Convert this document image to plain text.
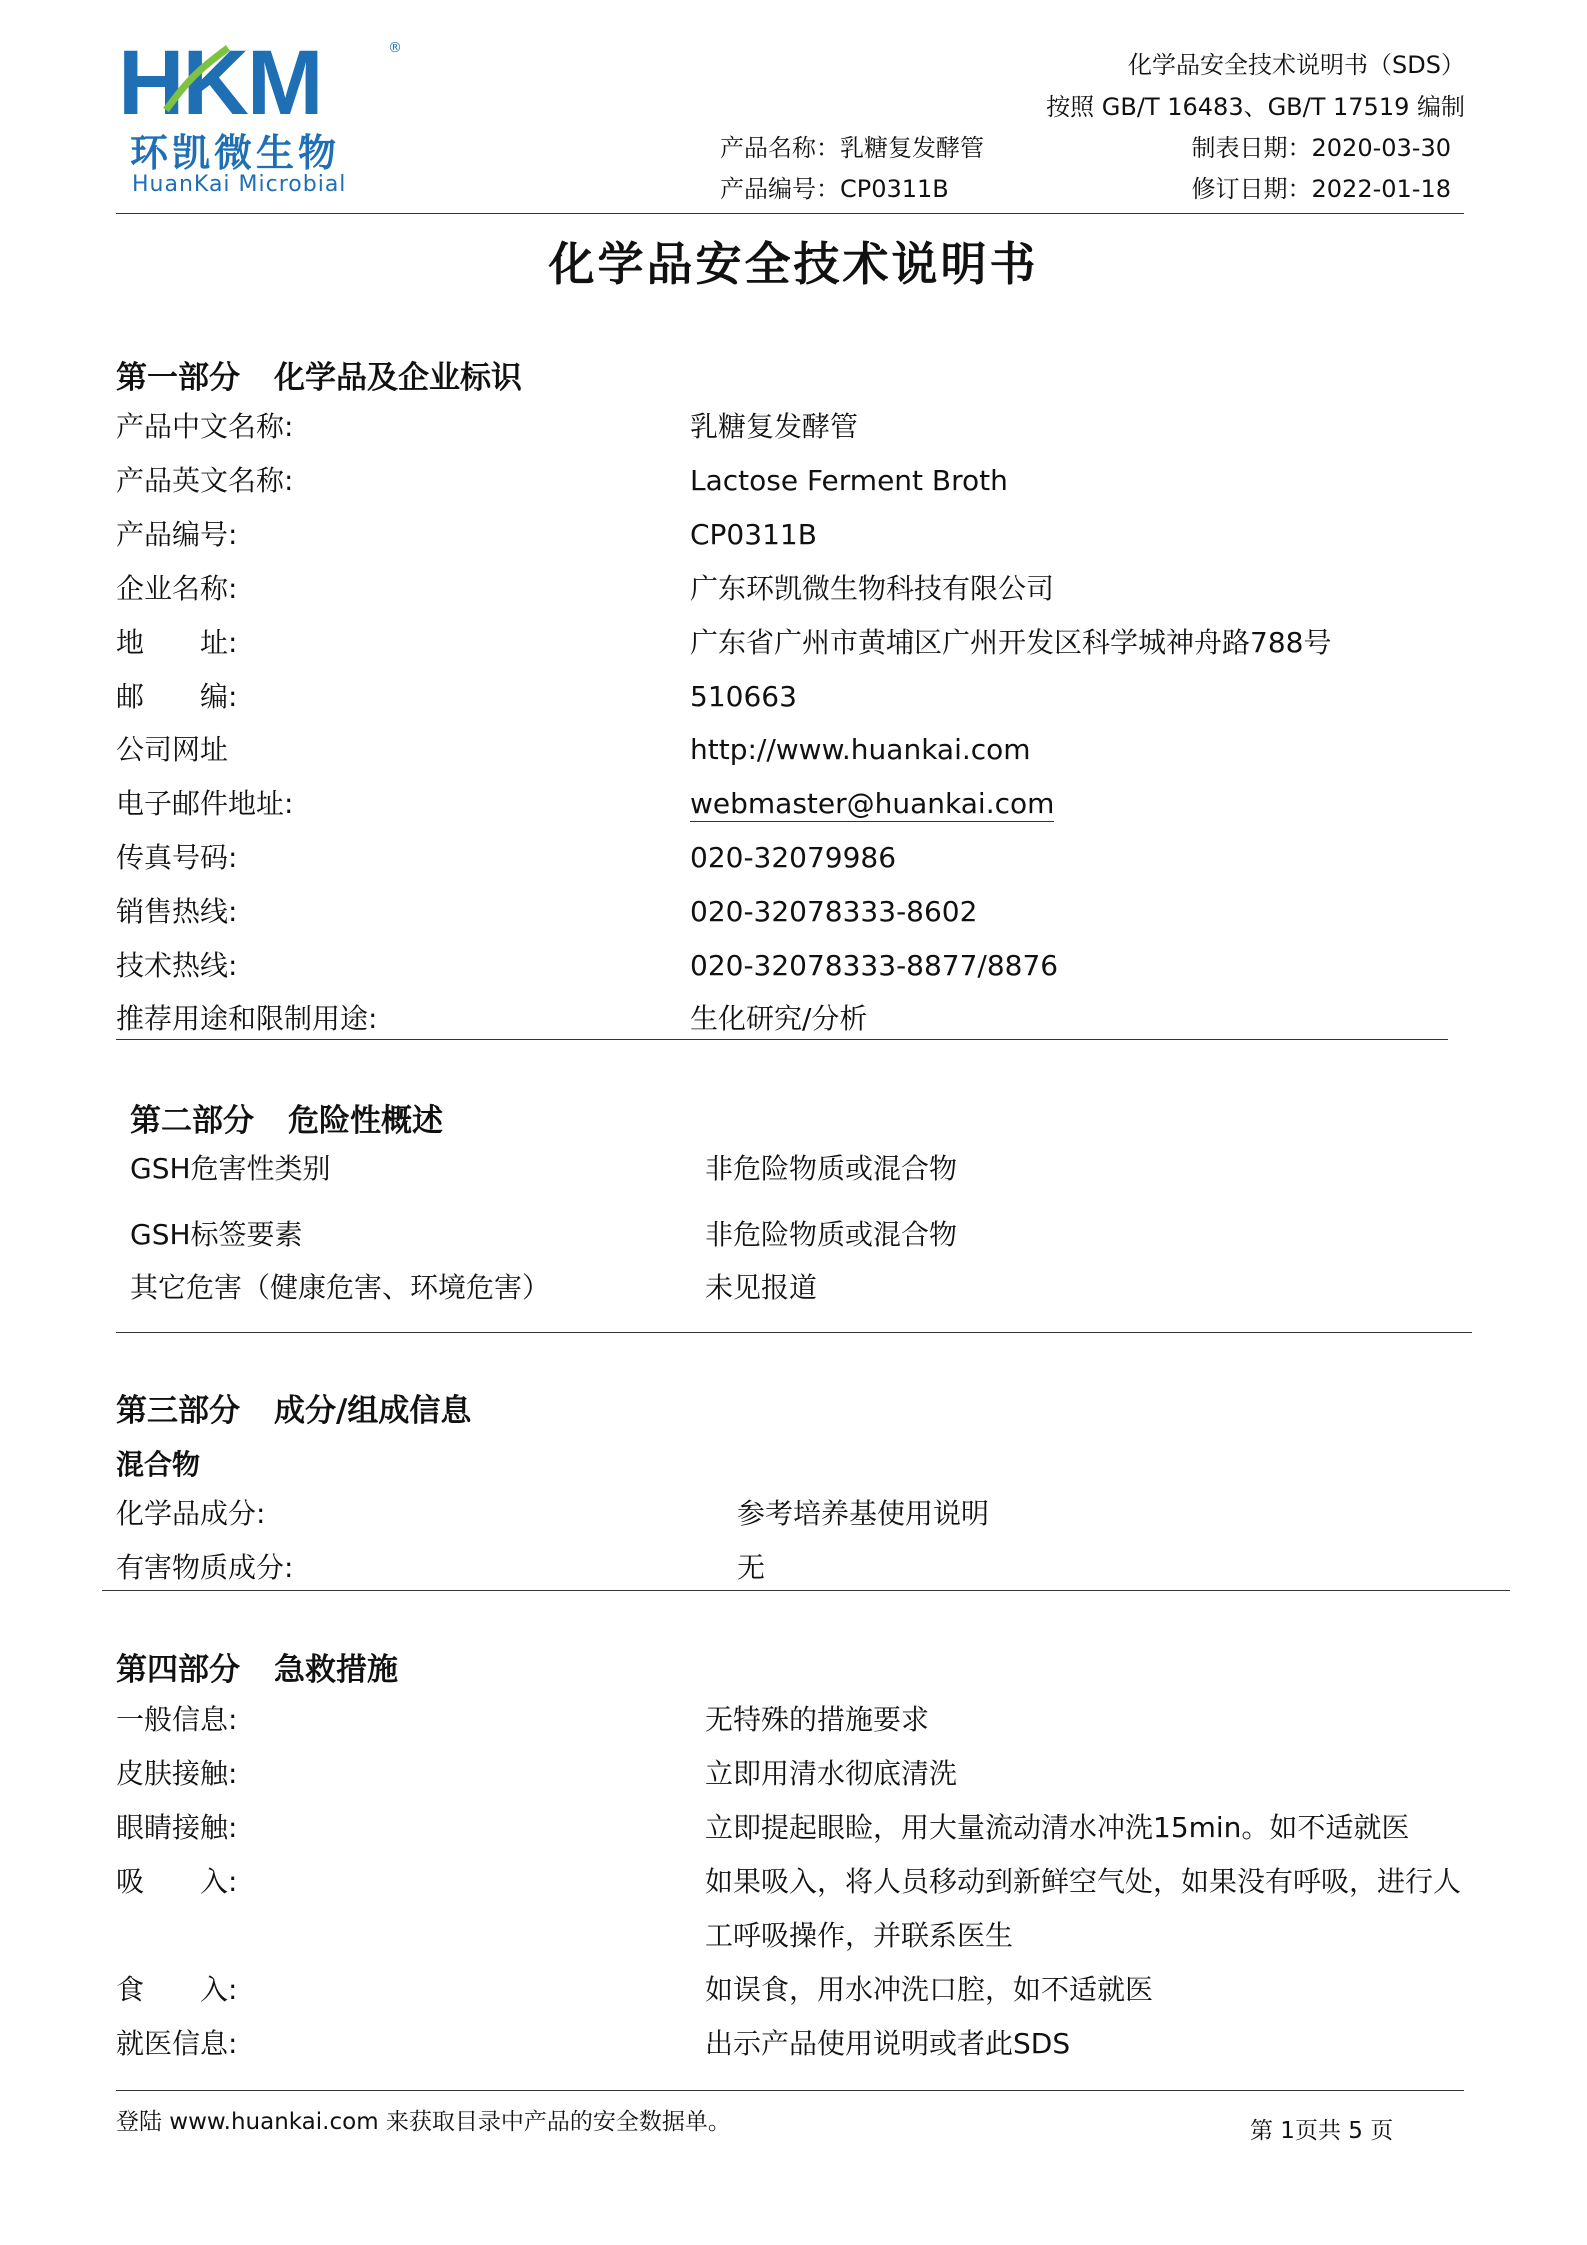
HKM	®
环凯微生物
HuanKai Microbial
化学品安全技术说明书（SDS）
按照 GB/T 16483、GB/T 17519 编制
产品名称：乳糖复发酵管
产品编号：CP0311B
制表日期：2020-03-30
修订日期：2022-01-18
化学品安全技术说明书
第一部分 化学品及企业标识
产品中文名称:	乳糖复发酵管
产品英文名称:	Lactose Ferment Broth
产品编号:	CP0311B
企业名称:	广东环凯微生物科技有限公司
地　　址:	广东省广州市黄埔区广州开发区科学城神舟路788号
邮　　编:	510663
公司网址	http://www.huankai.com
电子邮件地址:	webmaster@huankai.com
传真号码:	020-32079986
销售热线:	020-32078333-8602
技术热线:	020-32078333-8877/8876
推荐用途和限制用途:	生化研究/分析
第二部分 危险性概述
GSH危害性类别	非危险物质或混合物
GSH标签要素	非危险物质或混合物
其它危害（健康危害、环境危害）	未见报道
第三部分 成分/组成信息
混合物
化学品成分:	参考培养基使用说明
有害物质成分:	无
第四部分 急救措施
一般信息:	无特殊的措施要求
皮肤接触:	立即用清水彻底清洗
眼睛接触:	立即提起眼睑，用大量流动清水冲洗15min。如不适就医
吸　　入:	如果吸入，将人员移动到新鲜空气处，如果没有呼吸，进行人
工呼吸操作，并联系医生
食　　入:	如误食，用水冲洗口腔，如不适就医
就医信息:	出示产品使用说明或者此SDS
登陆 www.huankai.com 来获取目录中产品的安全数据单。	第 1页共 5 页
